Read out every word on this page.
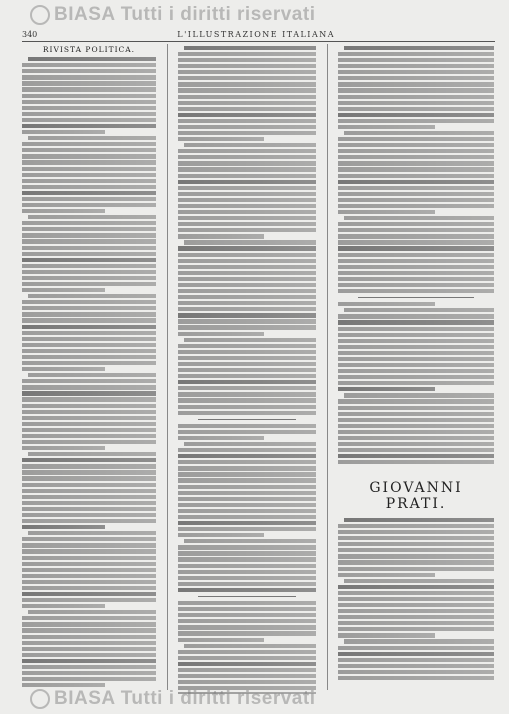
BIASA Tutti i diritti riservati
340	L'ILLUSTRAZIONE ITALIANA
RIVISTA POLITICA.
GIOVANNI PRATI.
BIASA Tutti i diritti riservati
